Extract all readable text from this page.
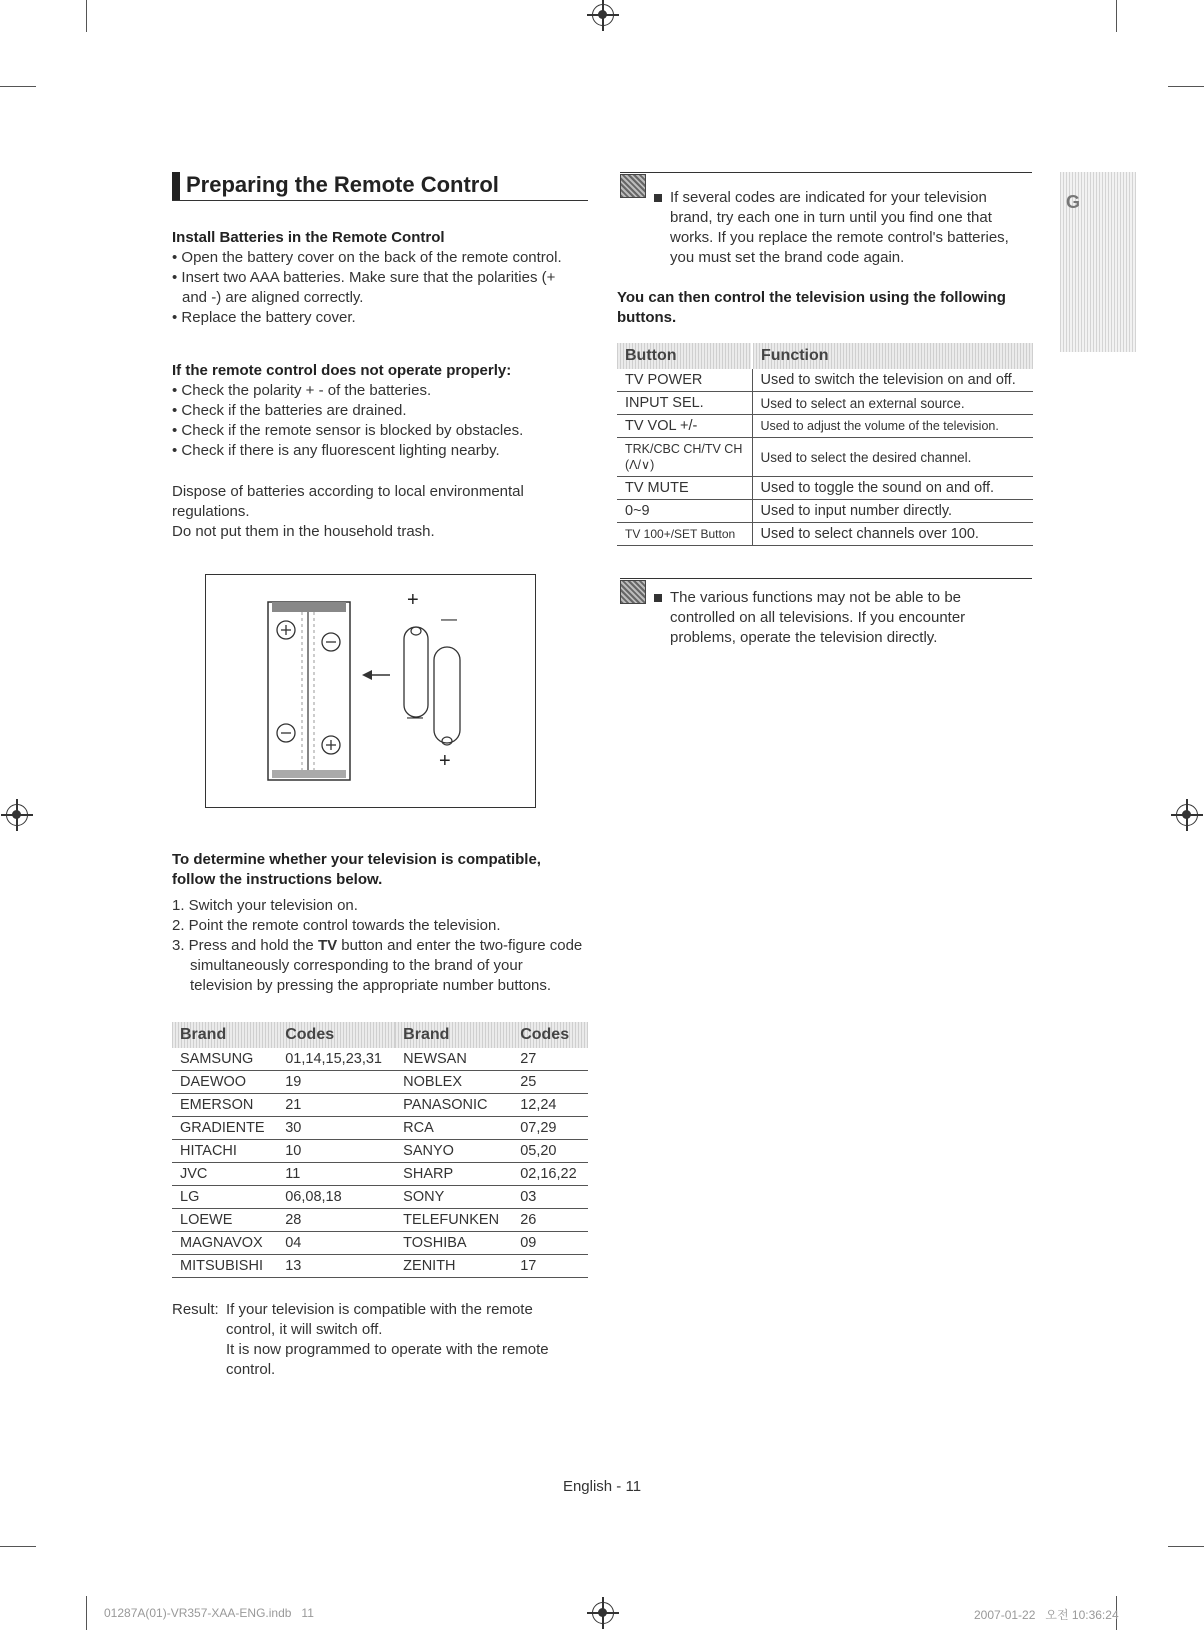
Preparing the Remote Control

Install Batteries in the Remote Control

• Open the battery cover on the back of the remote control.
• Insert two AAA batteries. Make sure that the polarities (+ and -) are aligned correctly.
• Replace the battery cover.

If the remote control does not operate properly:

• Check the polarity + - of the batteries.
• Check if the batteries are drained.
• Check if the remote sensor is blocked by obstacles.
• Check if there is any fluorescent lighting nearby.

Dispose of batteries according to local environmental regulations.

Do not put them in the household trash.

+
—
—
+

To determine whether your television is compatible, follow the instructions below.

1. Switch your television on.
2. Point the remote control towards the television.
3. Press and hold the TV button and enter the two-figure code simultaneously corresponding to the brand of your television by pressing the appropriate number buttons.
Brand	Codes	Brand	Codes
SAMSUNG	01,14,15,23,31	NEWSAN	27
DAEWOO	19	NOBLEX	25
EMERSON	21	PANASONIC	12,24
GRADIENTE	30	RCA	07,29
HITACHI	10	SANYO	05,20
JVC	11	SHARP	02,16,22
LG	06,08,18	SONY	03
LOEWE	28	TELEFUNKEN	26
MAGNAVOX	04	TOSHIBA	09
MITSUBISHI	13	ZENITH	17
Result: If your television is compatible with the remote control, it will switch off.

It is now programmed to operate with the remote control.

If several codes are indicated for your television brand, try each one in turn until you find one that works. If you replace the remote control's batteries, you must set the brand code again.

You can then control the television using the following buttons.

Button	Function
TV POWER	Used to switch the television on and off.
INPUT SEL.	Used to select an external source.
TV VOL +/-	Used to adjust the volume of the television.
TRK/CBC CH/TV CH (Λ/∨)	Used to select the desired channel.
TV MUTE	Used to toggle the sound on and off.
0~9	Used to input number directly.
TV 100+/SET Button	Used to select channels over 100.

The various functions may not be able to be controlled on all televisions. If you encounter problems, operate the television directly.

G
English - 11
01287A(01)-VR357-XAA-ENG.indb   11	2007-01-22   오전 10:36:24
